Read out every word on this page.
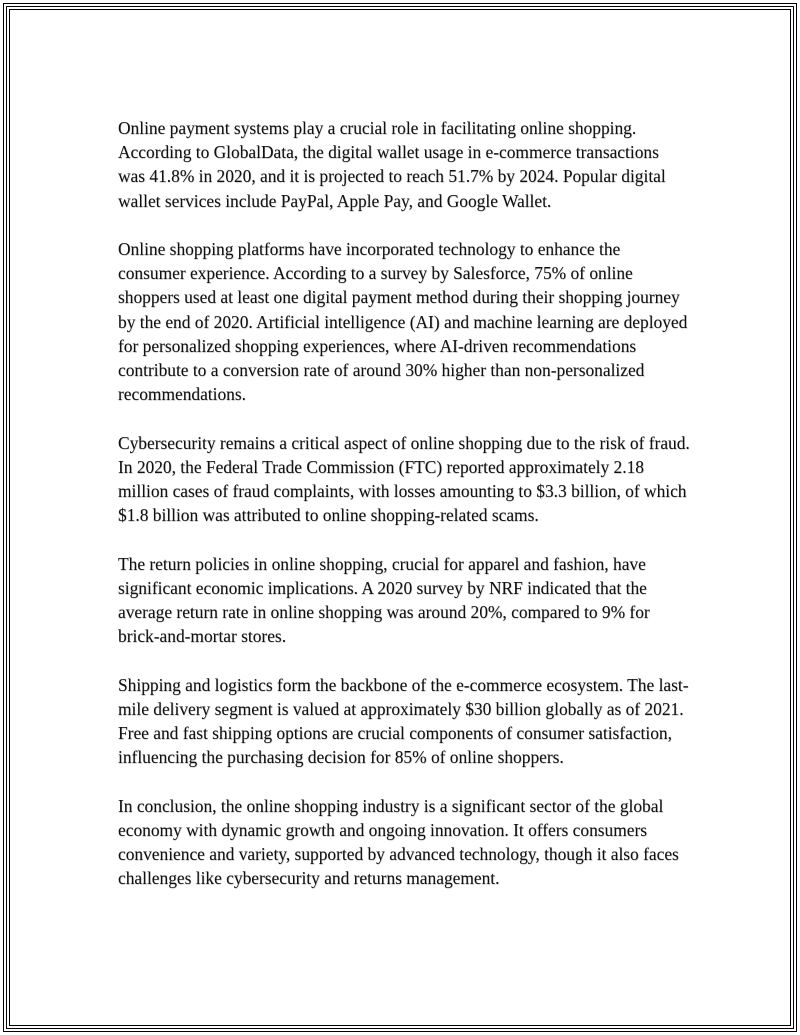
Online payment systems play a crucial role in facilitating online shopping. According to GlobalData, the digital wallet usage in e-commerce transactions was 41.8% in 2020, and it is projected to reach 51.7% by 2024. Popular digital wallet services include PayPal, Apple Pay, and Google Wallet.

Online shopping platforms have incorporated technology to enhance the consumer experience. According to a survey by Salesforce, 75% of online shoppers used at least one digital payment method during their shopping journey by the end of 2020. Artificial intelligence (AI) and machine learning are deployed for personalized shopping experiences, where AI-driven recommendations contribute to a conversion rate of around 30% higher than non-personalized recommendations.

Cybersecurity remains a critical aspect of online shopping due to the risk of fraud. In 2020, the Federal Trade Commission (FTC) reported approximately 2.18 million cases of fraud complaints, with losses amounting to $3.3 billion, of which $1.8 billion was attributed to online shopping-related scams.

The return policies in online shopping, crucial for apparel and fashion, have significant economic implications. A 2020 survey by NRF indicated that the average return rate in online shopping was around 20%, compared to 9% for brick-and-mortar stores.

Shipping and logistics form the backbone of the e-commerce ecosystem. The last-mile delivery segment is valued at approximately $30 billion globally as of 2021. Free and fast shipping options are crucial components of consumer satisfaction, influencing the purchasing decision for 85% of online shoppers.

In conclusion, the online shopping industry is a significant sector of the global economy with dynamic growth and ongoing innovation. It offers consumers convenience and variety, supported by advanced technology, though it also faces challenges like cybersecurity and returns management.
